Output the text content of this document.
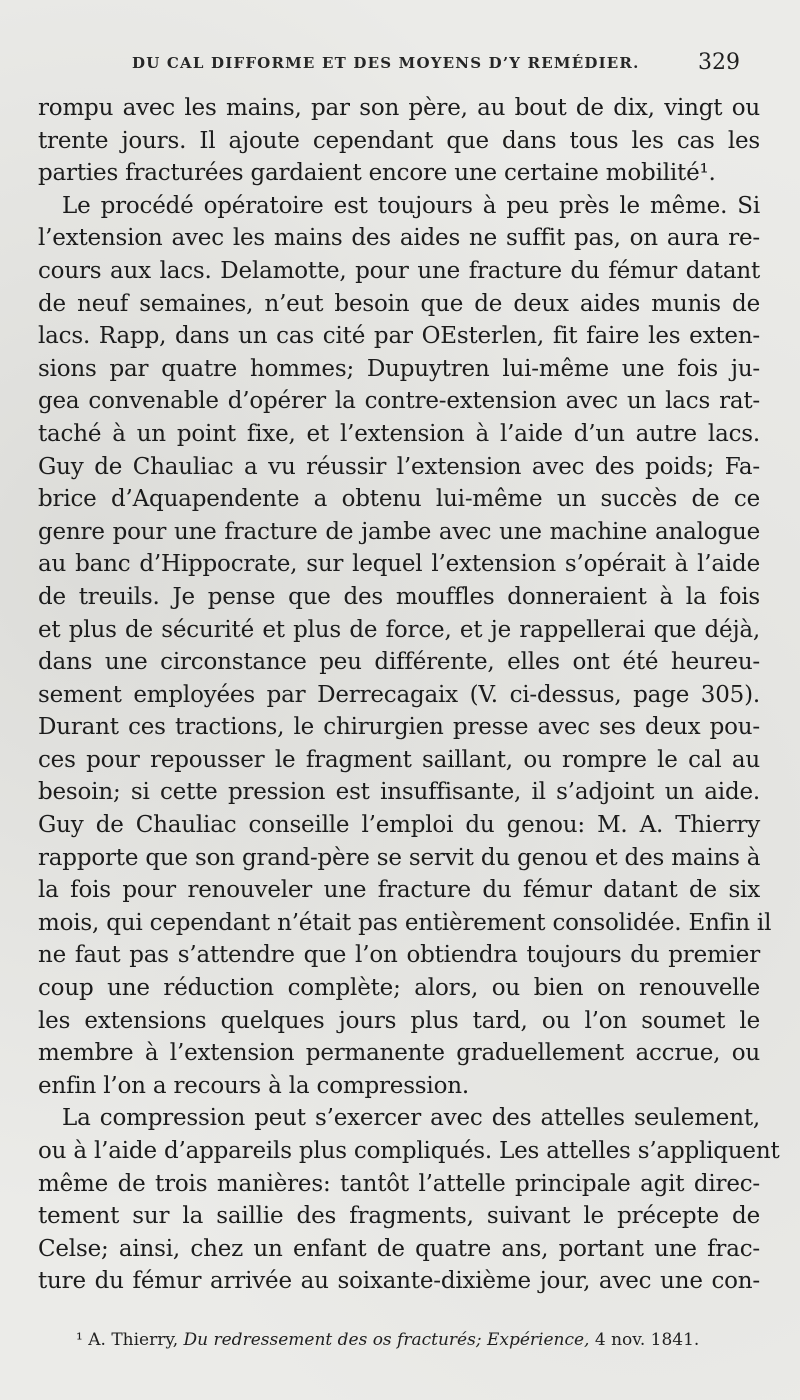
DU CAL DIFFORME ET DES MOYENS D’Y REMÉDIER.	329
rompu avec les mains, par son père, au bout de dix, vingt ou
trente jours. Il ajoute cependant que dans tous les cas les
parties fracturées gardaient encore une certaine mobilité¹.
Le procédé opératoire est toujours à peu près le même. Si
l’extension avec les mains des aides ne suffit pas, on aura re-
cours aux lacs. Delamotte, pour une fracture du fémur datant
de neuf semaines, n’eut besoin que de deux aides munis de
lacs. Rapp, dans un cas cité par OEsterlen, fit faire les exten-
sions par quatre hommes; Dupuytren lui-même une fois ju-
gea convenable d’opérer la contre-extension avec un lacs rat-
taché à un point fixe, et l’extension à l’aide d’un autre lacs.
Guy de Chauliac a vu réussir l’extension avec des poids; Fa-
brice d’Aquapendente a obtenu lui-même un succès de ce
genre pour une fracture de jambe avec une machine analogue
au banc d’Hippocrate, sur lequel l’extension s’opérait à l’aide
de treuils. Je pense que des mouffles donneraient à la fois
et plus de sécurité et plus de force, et je rappellerai que déjà,
dans une circonstance peu différente, elles ont été heureu-
sement employées par Derrecagaix (V. ci-dessus, page 305).
Durant ces tractions, le chirurgien presse avec ses deux pou-
ces pour repousser le fragment saillant, ou rompre le cal au
besoin; si cette pression est insuffisante, il s’adjoint un aide.
Guy de Chauliac conseille l’emploi du genou: M. A. Thierry
rapporte que son grand-père se servit du genou et des mains à
la fois pour renouveler une fracture du fémur datant de six
mois, qui cependant n’était pas entièrement consolidée. Enfin il
ne faut pas s’attendre que l’on obtiendra toujours du premier
coup une réduction complète; alors, ou bien on renouvelle
les extensions quelques jours plus tard, ou l’on soumet le
membre à l’extension permanente graduellement accrue, ou
enfin l’on a recours à la compression.
La compression peut s’exercer avec des attelles seulement,
ou à l’aide d’appareils plus compliqués. Les attelles s’appliquent
même de trois manières: tantôt l’attelle principale agit direc-
tement sur la saillie des fragments, suivant le précepte de
Celse; ainsi, chez un enfant de quatre ans, portant une frac-
ture du fémur arrivée au soixante-dixième jour, avec une con-
¹ A. Thierry, Du redressement des os fracturés; Expérience, 4 nov. 1841.
